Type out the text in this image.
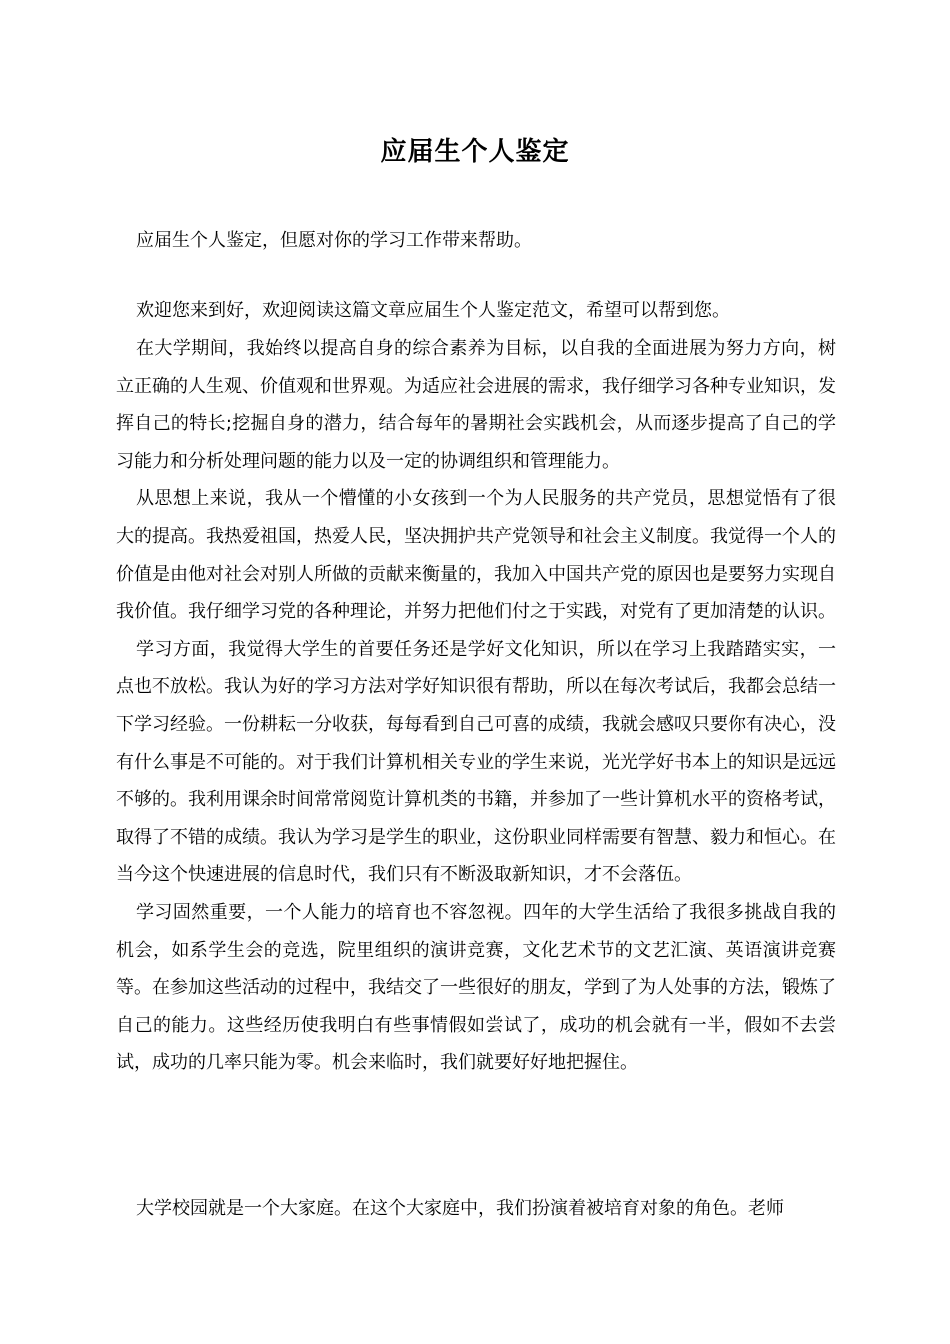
应届生个人鉴定

应届生个人鉴定，但愿对你的学习工作带来帮助。

欢迎您来到好，欢迎阅读这篇文章应届生个人鉴定范文，希望可以帮到您。

在大学期间，我始终以提高自身的综合素养为目标，以自我的全面进展为努力方向，树立正确的人生观、价值观和世界观。为适应社会进展的需求，我仔细学习各种专业知识，发挥自己的特长;挖掘自身的潜力，结合每年的暑期社会实践机会，从而逐步提高了自己的学习能力和分析处理问题的能力以及一定的协调组织和管理能力。

从思想上来说，我从一个懵懂的小女孩到一个为人民服务的共产党员，思想觉悟有了很大的提高。我热爱祖国，热爱人民，坚决拥护共产党领导和社会主义制度。我觉得一个人的价值是由他对社会对别人所做的贡献来衡量的，我加入中国共产党的原因也是要努力实现自我价值。我仔细学习党的各种理论，并努力把他们付之于实践，对党有了更加清楚的认识。

学习方面，我觉得大学生的首要任务还是学好文化知识，所以在学习上我踏踏实实，一点也不放松。我认为好的学习方法对学好知识很有帮助，所以在每次考试后，我都会总结一下学习经验。一份耕耘一分收获，每每看到自己可喜的成绩，我就会感叹只要你有决心，没有什么事是不可能的。对于我们计算机相关专业的学生来说，光光学好书本上的知识是远远不够的。我利用课余时间常常阅览计算机类的书籍，并参加了一些计算机水平的资格考试，取得了不错的成绩。我认为学习是学生的职业，这份职业同样需要有智慧、毅力和恒心。在当今这个快速进展的信息时代，我们只有不断汲取新知识，才不会落伍。

学习固然重要，一个人能力的培育也不容忽视。四年的大学生活给了我很多挑战自我的机会，如系学生会的竞选，院里组织的演讲竞赛，文化艺术节的文艺汇演、英语演讲竞赛等。在参加这些活动的过程中，我结交了一些很好的朋友，学到了为人处事的方法，锻炼了自己的能力。这些经历使我明白有些事情假如尝试了，成功的机会就有一半，假如不去尝试，成功的几率只能为零。机会来临时，我们就要好好地把握住。

大学校园就是一个大家庭。在这个大家庭中，我们扮演着被培育对象的角色。老师
